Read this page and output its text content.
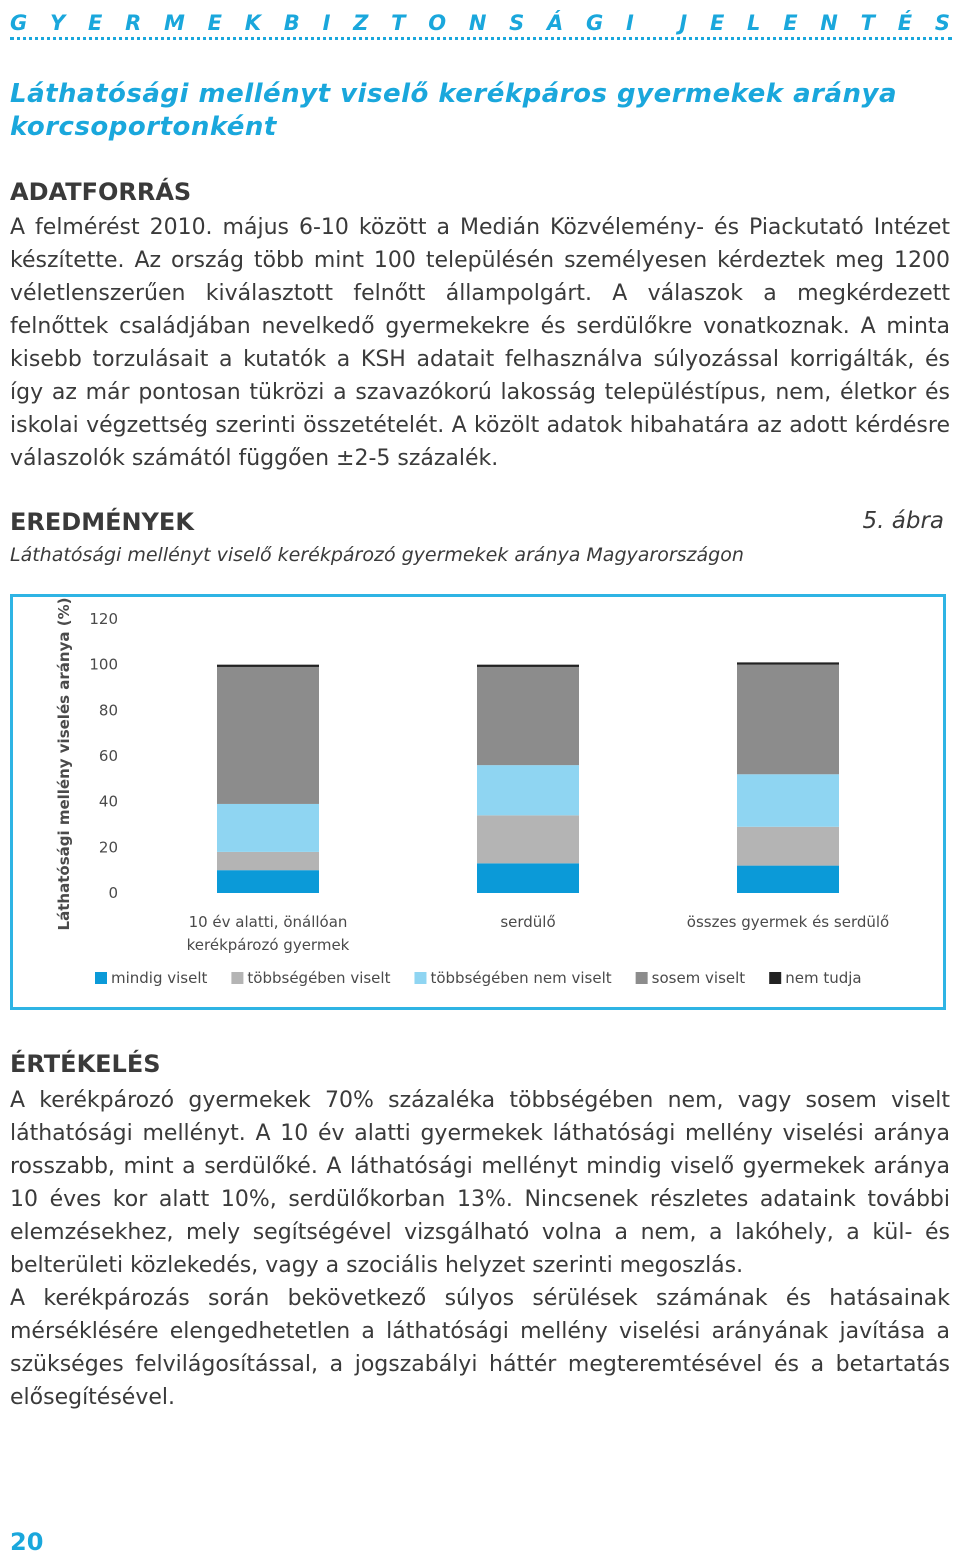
G Y E R M E K B I Z T O N S Á G I J E L E N T É S
Láthatósági mellényt viselő kerékpáros gyermekek aránya korcsoportonként
ADATFORRÁS

A felmérést 2010. május 6-10 között a Medián Közvélemény- és Piackutató Intézet készítette. Az ország több mint 100 településén személyesen kérdeztek meg 1200 véletlenszerűen kiválasztott felnőtt állampolgárt. A válaszok a megkérdezett felnőttek családjában nevelkedő gyermekekre és serdülőkre vonatkoznak. A minta kisebb torzulásait a kutatók a KSH adatait felhasználva súlyozással korrigálták, és így az már pontosan tükrözi a szavazókorú lakosság településtípus, nem, életkor és iskolai végzettség szerinti összetételét. A közölt adatok hibahatára az adott kérdésre válaszolók számától függően ±2-5 százalék.

EREDMÉNYEK	5. ábra
Láthatósági mellényt viselő kerékpározó gyermekek aránya Magyarországon
0
20
40
60
80
100
120
Láthatósági mellény viselés aránya (%)	10 év alatti, önállóan
kerékpározó gyermek
serdülő	összes gyermek és serdülő
mindig viselt	többségében viselt	többségében nem viselt	sosem viselt	nem tudja
ÉRTÉKELÉS

A kerékpározó gyermekek 70% százaléka többségében nem, vagy sosem viselt láthatósági mellényt. A 10 év alatti gyermekek láthatósági mellény viselési aránya rosszabb, mint a serdülőké. A láthatósági mellényt mindig viselő gyermekek aránya 10 éves kor alatt 10%, serdülőkorban 13%. Nincsenek részletes adataink további elemzésekhez, mely segítségével vizsgálható volna a nem, a lakóhely, a kül- és belterületi közlekedés, vagy a szociális helyzet szerinti megoszlás.

A kerékpározás során bekövetkező súlyos sérülések számának és hatásainak mérséklésére elengedhetetlen a láthatósági mellény viselési arányának javítása a szükséges felvilágosítással, a jogszabályi háttér megteremtésével és a betartatás elősegítésével.

20
